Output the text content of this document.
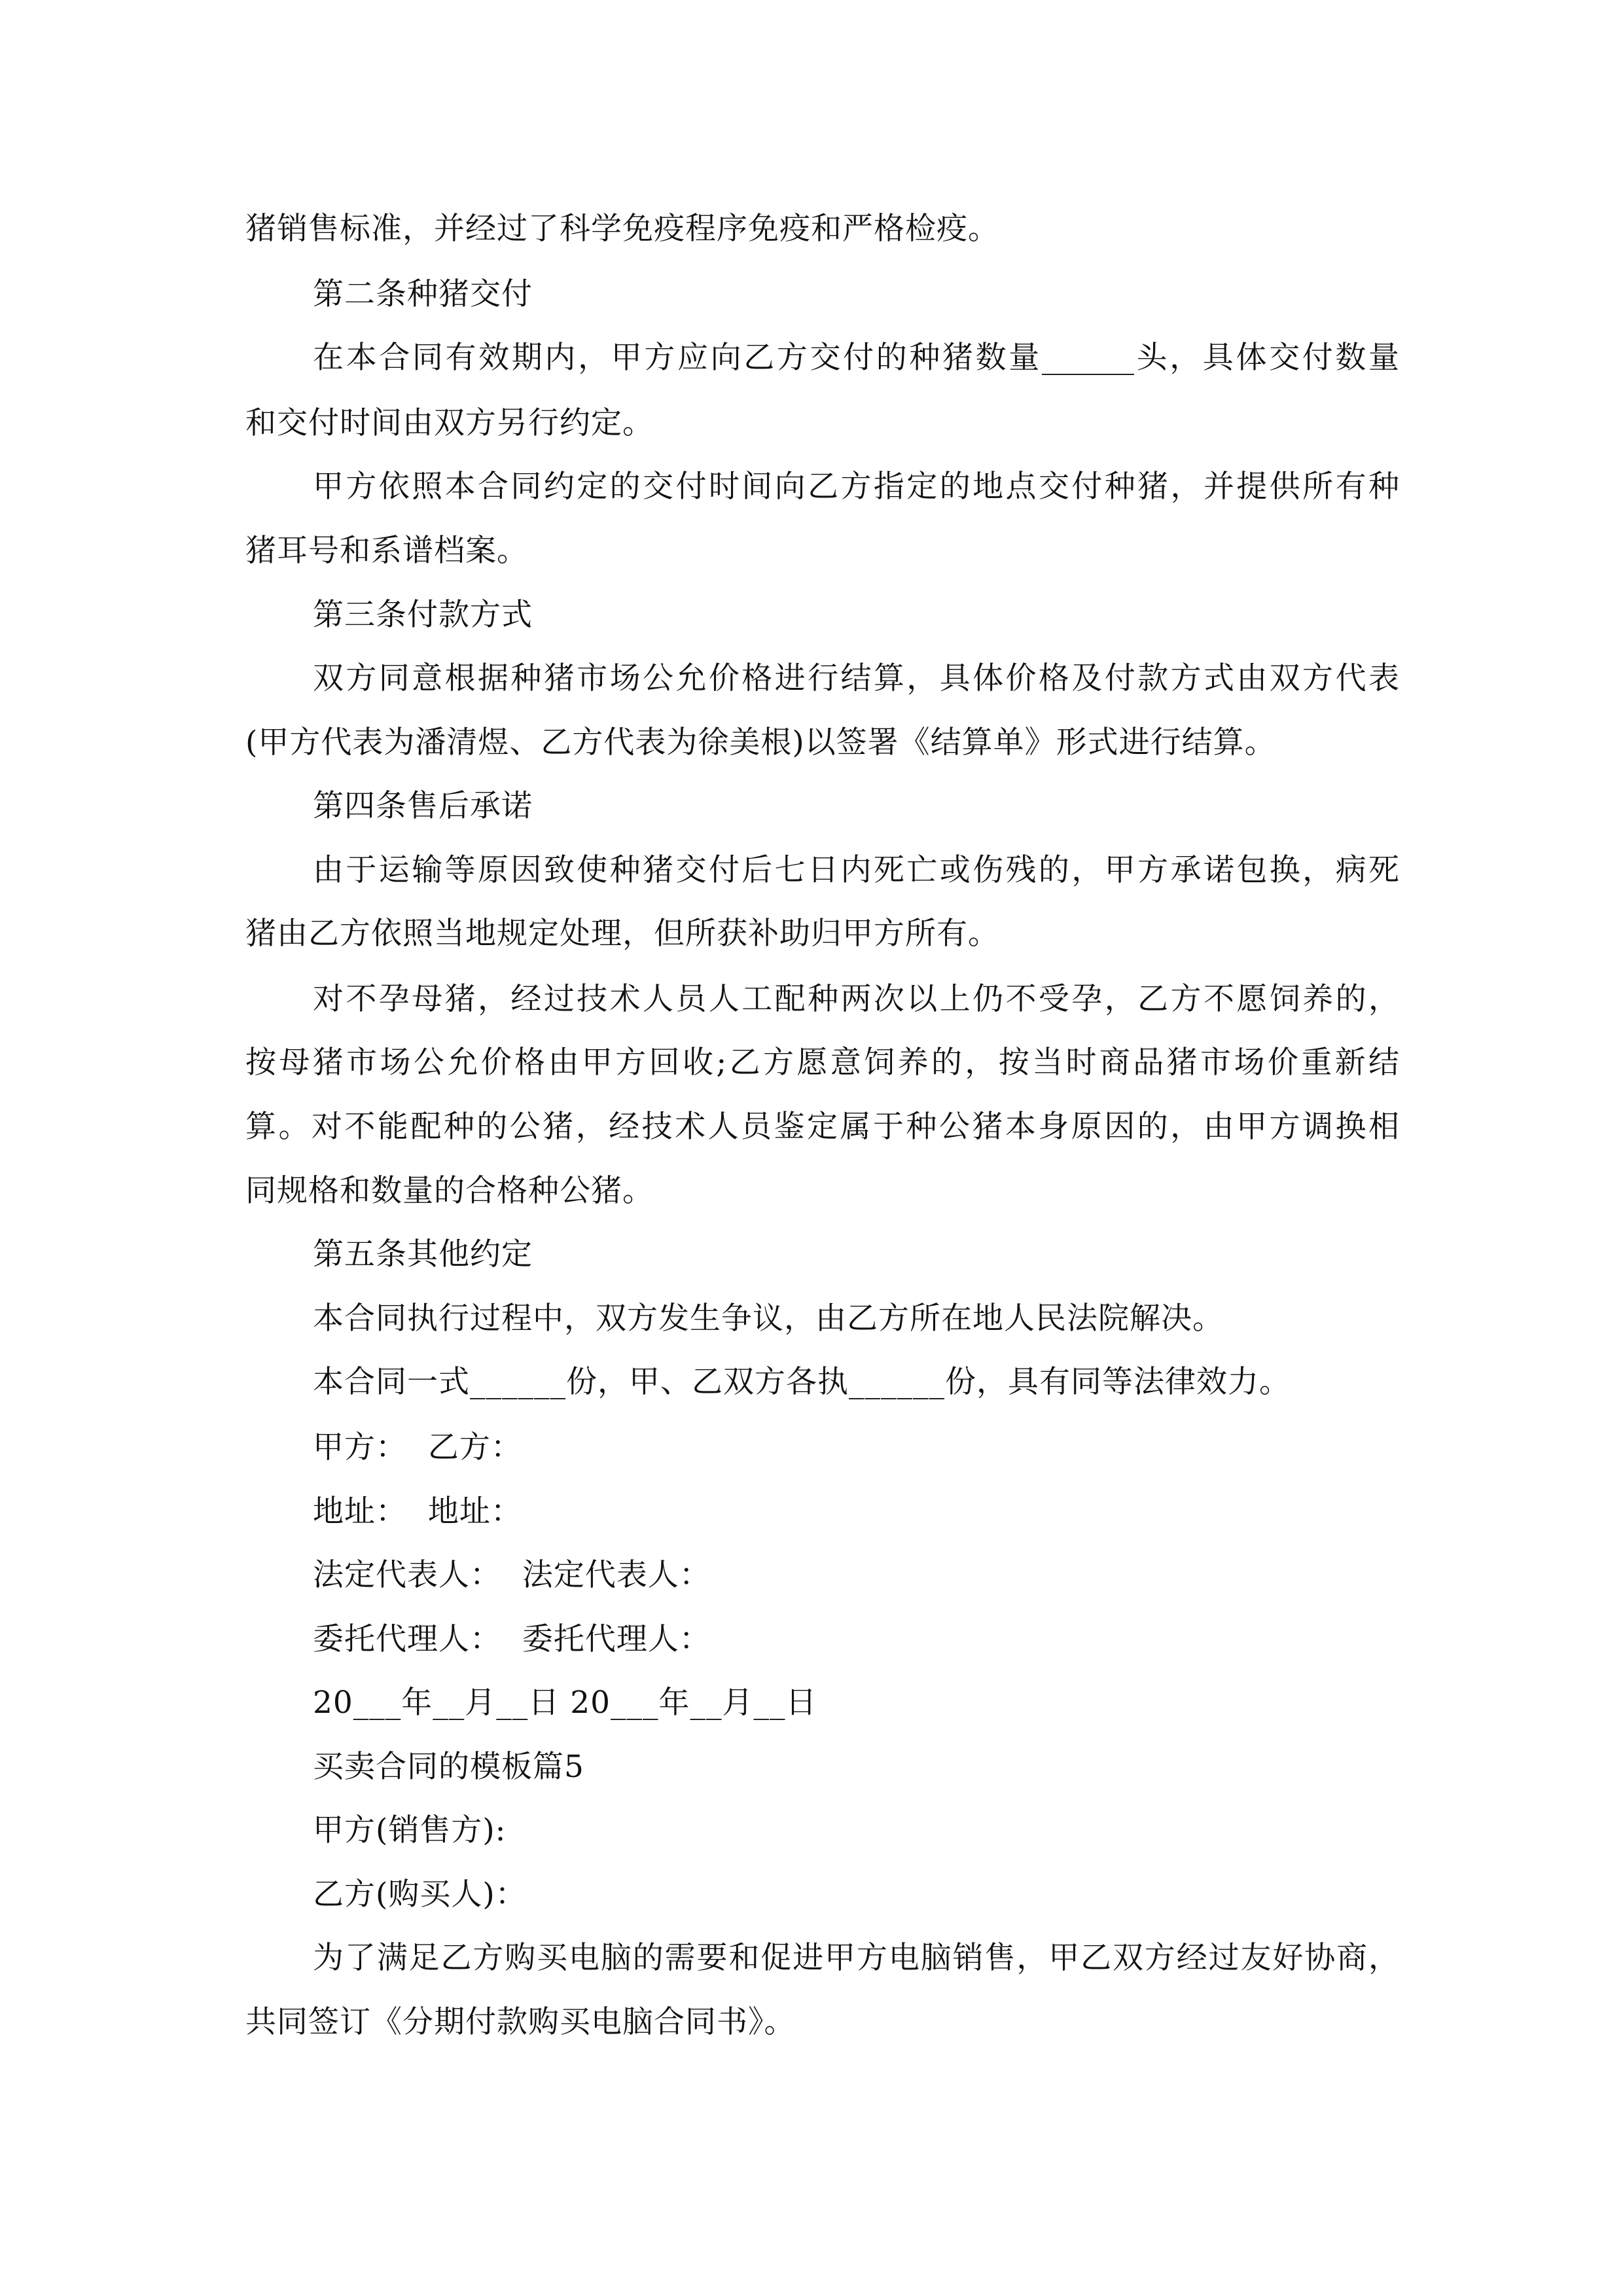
猪销售标准，并经过了科学免疫程序免疫和严格检疫。
第二条种猪交付
在本合同有效期内，甲方应向乙方交付的种猪数量______头，具体交付数量
和交付时间由双方另行约定。
甲方依照本合同约定的交付时间向乙方指定的地点交付种猪，并提供所有种
猪耳号和系谱档案。
第三条付款方式
双方同意根据种猪市场公允价格进行结算，具体价格及付款方式由双方代表
(甲方代表为潘清煜、乙方代表为徐美根)以签署《结算单》形式进行结算。
第四条售后承诺
由于运输等原因致使种猪交付后七日内死亡或伤残的，甲方承诺包换，病死
猪由乙方依照当地规定处理，但所获补助归甲方所有。
对不孕母猪，经过技术人员人工配种两次以上仍不受孕，乙方不愿饲养的，
按母猪市场公允价格由甲方回收;乙方愿意饲养的，按当时商品猪市场价重新结
算。对不能配种的公猪，经技术人员鉴定属于种公猪本身原因的，由甲方调换相
同规格和数量的合格种公猪。
第五条其他约定
本合同执行过程中，双方发生争议，由乙方所在地人民法院解决。
本合同一式______份，甲、乙双方各执______份，具有同等法律效力。
甲方：  乙方：
地址：  地址：
法定代表人：  法定代表人：
委托代理人：  委托代理人：
20___年__月__日 20___年__月__日
买卖合同的模板篇5
甲方(销售方):
乙方(购买人)：
为了满足乙方购买电脑的需要和促进甲方电脑销售，甲乙双方经过友好协商，
共同签订《分期付款购买电脑合同书》。
